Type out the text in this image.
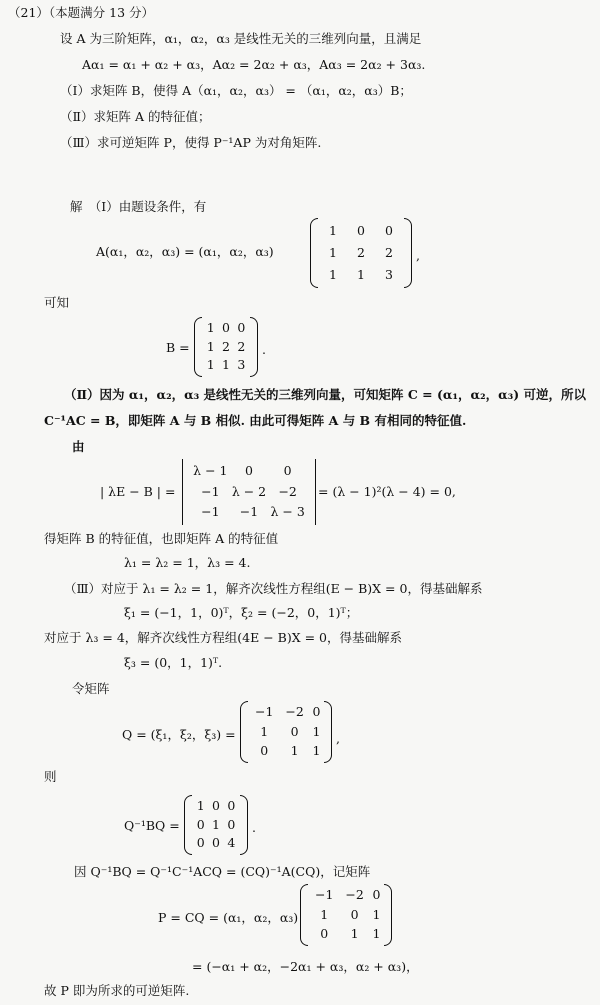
（21）（本题满分 13 分）
设 A 为三阶矩阵，α₁，α₂，α₃ 是线性无关的三维列向量，且满足
Aα₁ = α₁ + α₂ + α₃，Aα₂ = 2α₂ + α₃，Aα₃ = 2α₂ + 3α₃.
（Ⅰ）求矩阵 B，使得 A（α₁，α₂，α₃） = （α₁，α₂，α₃）B；
（Ⅱ）求矩阵 A 的特征值；
（Ⅲ）求可逆矩阵 P，使得 P⁻¹AP 为对角矩阵.
解　（Ⅰ）由题设条件，有
A(α₁，α₂，α₃) = (α₁，α₂，α₃)
1	0	0
1	2	2
1	1	3
,
可知
B =
1	0	0
1	2	2
1	1	3
.
（Ⅱ）因为 α₁，α₂，α₃ 是线性无关的三维列向量，可知矩阵 C = (α₁，α₂，α₃) 可逆，所以
C⁻¹AC = B，即矩阵 A 与 B 相似. 由此可得矩阵 A 与 B 有相同的特征值.
由
| λE − B | =
λ − 1	0	0
−1	λ − 2	−2
−1	−1	λ − 3
= (λ − 1)²(λ − 4) = 0,
得矩阵 B 的特征值，也即矩阵 A 的特征值
λ₁ = λ₂ = 1，λ₃ = 4.
（Ⅲ）对应于 λ₁ = λ₂ = 1，解齐次线性方程组(E − B)X = 0，得基础解系
ξ₁ = (−1，1，0)ᵀ，ξ₂ = (−2，0，1)ᵀ；
对应于 λ₃ = 4，解齐次线性方程组(4E − B)X = 0，得基础解系
ξ₃ = (0，1，1)ᵀ.
令矩阵
Q = (ξ₁，ξ₂，ξ₃) =
−1	−2	0
1	0	1
0	1	1
,
则
Q⁻¹BQ =
1	0	0
0	1	0
0	0	4
.
因 Q⁻¹BQ = Q⁻¹C⁻¹ACQ = (CQ)⁻¹A(CQ)，记矩阵
P = CQ = (α₁，α₂，α₃)
−1	−2	0
1	0	1
0	1	1
= (−α₁ + α₂，−2α₁ + α₃，α₂ + α₃)，
故 P 即为所求的可逆矩阵.
